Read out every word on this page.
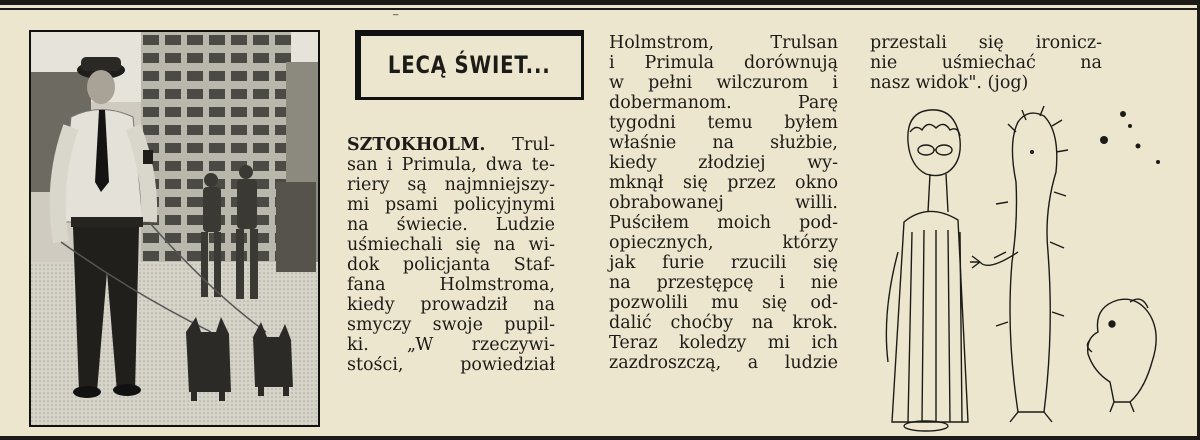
⁻
LECĄ ŚWIET...

SZTOKHOLM. Trul-

san i Primula, dwa te-

riery są najmniejszy-

mi psami policyjnymi

na świecie. Ludzie

uśmiechali się na wi-

dok policjanta Staf-

fana Holmstroma,

kiedy prowadził na

smyczy swoje pupil-

ki. „W rzeczywi-

stości, powiedział

Holmstrom, Trulsan

i Primula dorównują

w pełni wilczurom i

dobermanom. Parę

tygodni temu byłem

właśnie na służbie,

kiedy złodziej wy-

mknął się przez okno

obrabowanej willi.

Puściłem moich pod-

opiecznych, którzy

jak furie rzucili się

na przestępcę i nie

pozwolili mu się od-

dalić choćby na krok.

Teraz koledzy mi ich

zazdroszczą, a ludzie

przestali się ironicz-

nie uśmiechać na

nasz widok". (jog)
